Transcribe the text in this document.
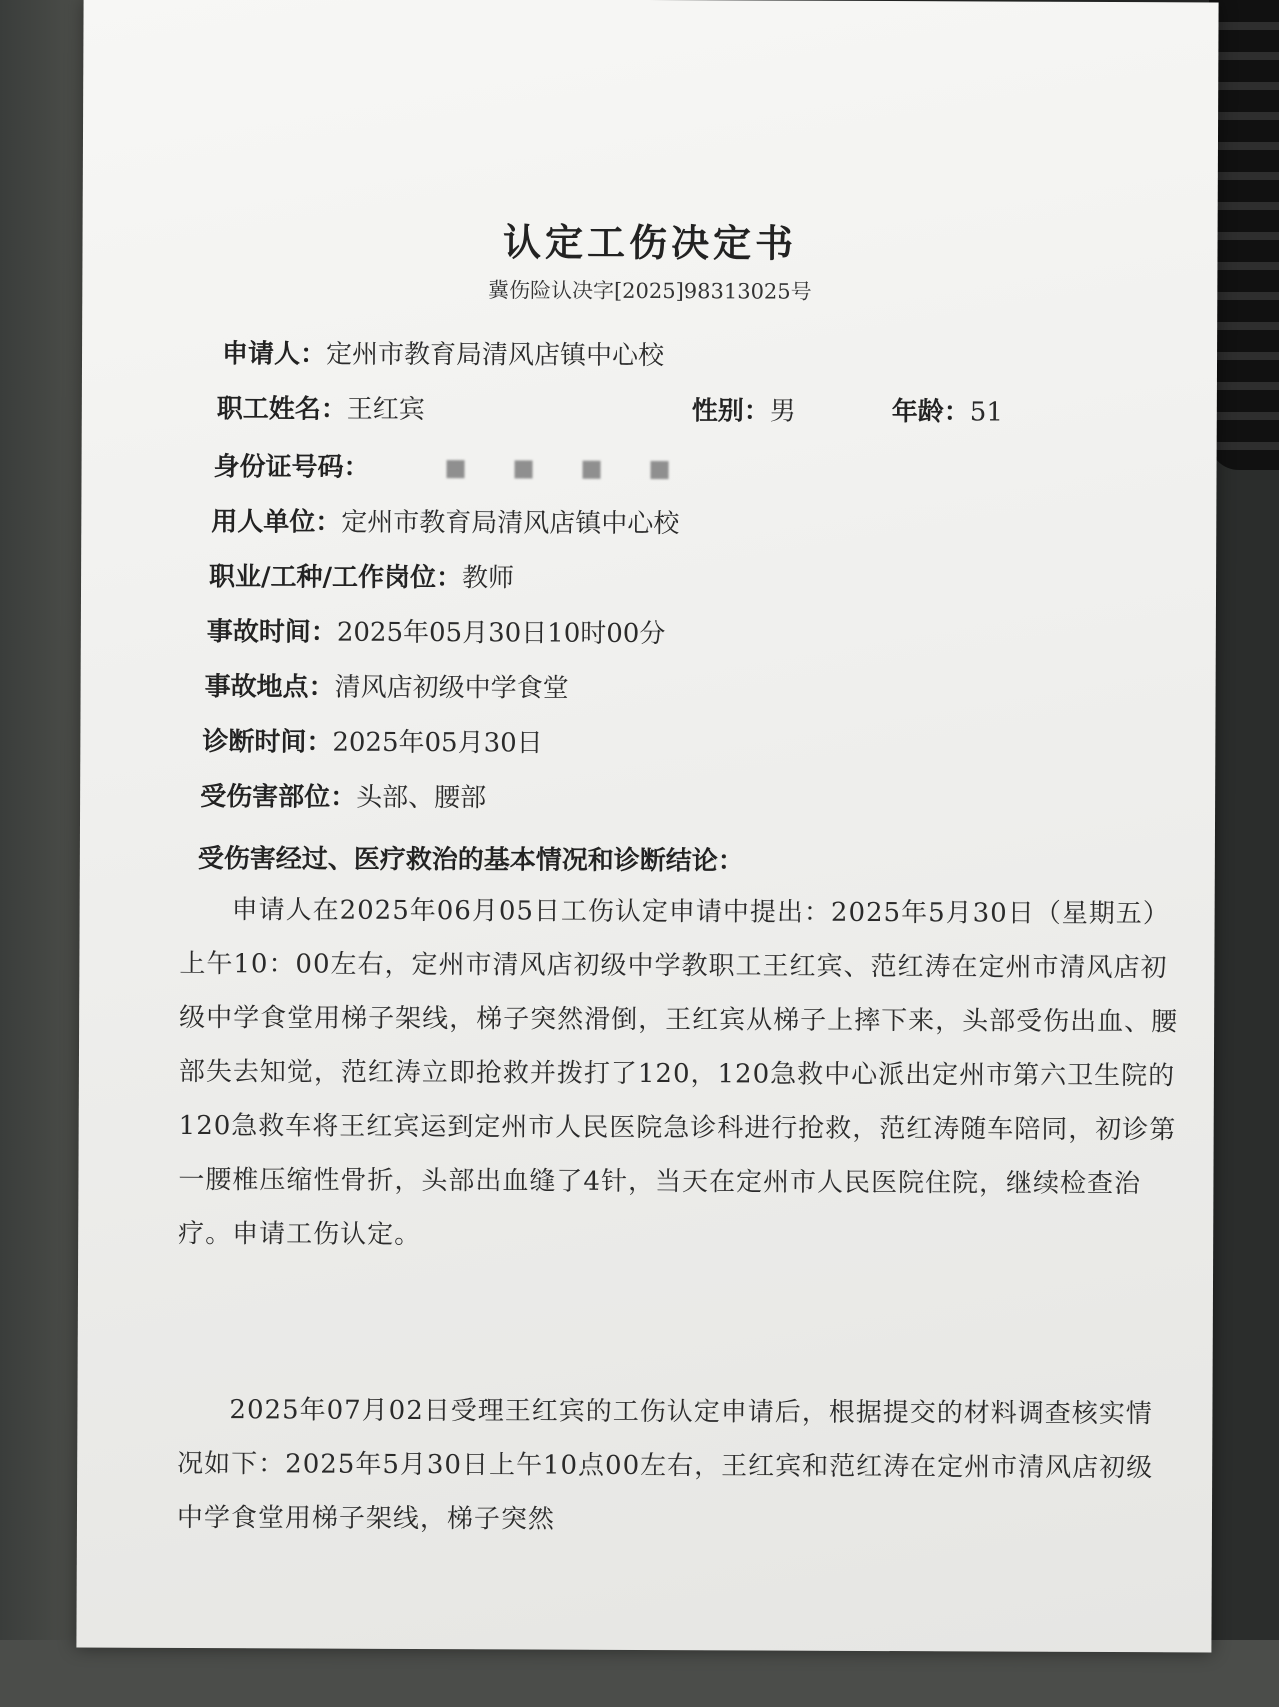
认定工伤决定书
冀伤险认决字[2025]98313025号
申请人：定州市教育局清风店镇中心校
职工姓名：王红宾	性别：男	年龄：51
身份证号码：
用人单位：定州市教育局清风店镇中心校
职业/工种/工作岗位：教师
事故时间：2025年05月30日10时00分
事故地点：清风店初级中学食堂
诊断时间：2025年05月30日
受伤害部位：头部、腰部
受伤害经过、医疗救治的基本情况和诊断结论：
申请人在2025年06月05日工伤认定申请中提出：2025年5月30日（星期五）上午10：00左右，定州市清风店初级中学教职工王红宾、范红涛在定州市清风店初级中学食堂用梯子架线，梯子突然滑倒，王红宾从梯子上摔下来，头部受伤出血、腰部失去知觉，范红涛立即抢救并拨打了120，120急救中心派出定州市第六卫生院的120急救车将王红宾运到定州市人民医院急诊科进行抢救，范红涛随车陪同，初诊第一腰椎压缩性骨折，头部出血缝了4针，当天在定州市人民医院住院，继续检查治疗。申请工伤认定。
2025年07月02日受理王红宾的工伤认定申请后，根据提交的材料调查核实情况如下：2025年5月30日上午10点00左右，王红宾和范红涛在定州市清风店初级中学食堂用梯子架线，梯子突然
